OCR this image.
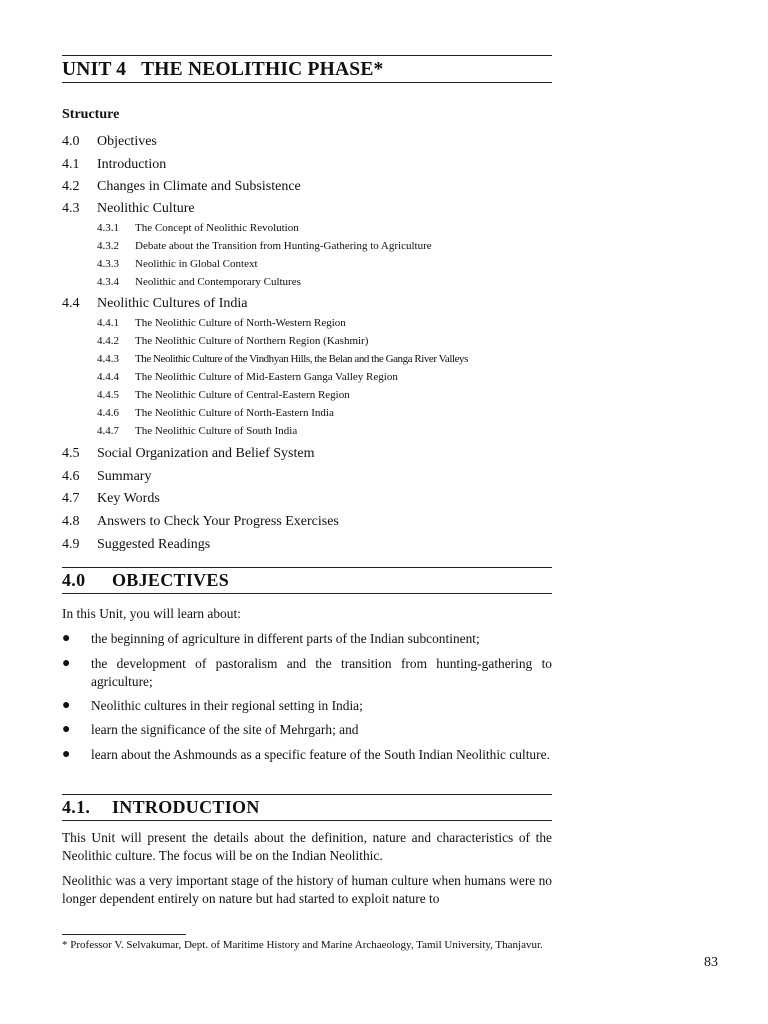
UNIT 4   THE NEOLITHIC PHASE*
Structure
4.0 Objectives
4.1 Introduction
4.2 Changes in Climate and Subsistence
4.3 Neolithic Culture
4.3.1 The Concept of Neolithic Revolution
4.3.2 Debate about the Transition from Hunting-Gathering to Agriculture
4.3.3 Neolithic in Global Context
4.3.4 Neolithic and Contemporary Cultures
4.4 Neolithic Cultures of India
4.4.1 The Neolithic Culture of North-Western Region
4.4.2 The Neolithic Culture of Northern Region (Kashmir)
4.4.3 The Neolithic Culture of the Vindhyan Hills, the Belan and the Ganga River Valleys
4.4.4 The Neolithic Culture of Mid-Eastern Ganga Valley Region
4.4.5 The Neolithic Culture of Central-Eastern Region
4.4.6 The Neolithic Culture of North-Eastern India
4.4.7 The Neolithic Culture of South India
4.5 Social Organization and Belief System
4.6 Summary
4.7 Key Words
4.8 Answers to Check Your Progress Exercises
4.9 Suggested Readings
4.0 OBJECTIVES
In this Unit, you will learn about:
● the beginning of agriculture in different parts of the Indian subcontinent;
● the development of pastoralism and the transition from hunting-gathering to agriculture;
● Neolithic cultures in their regional setting in India;
● learn the significance of the site of Mehrgarh; and
● learn about the Ashmounds as a specific feature of the South Indian Neolithic culture.
4.1. INTRODUCTION
This Unit will present the details about the definition, nature and characteristics of the Neolithic culture. The focus will be on the Indian Neolithic.
Neolithic was a very important stage of the history of human culture when humans were no longer dependent entirely on nature but had started to exploit nature to
* Professor V. Selvakumar, Dept. of Maritime History and Marine Archaeology, Tamil University, Thanjavur.
83
